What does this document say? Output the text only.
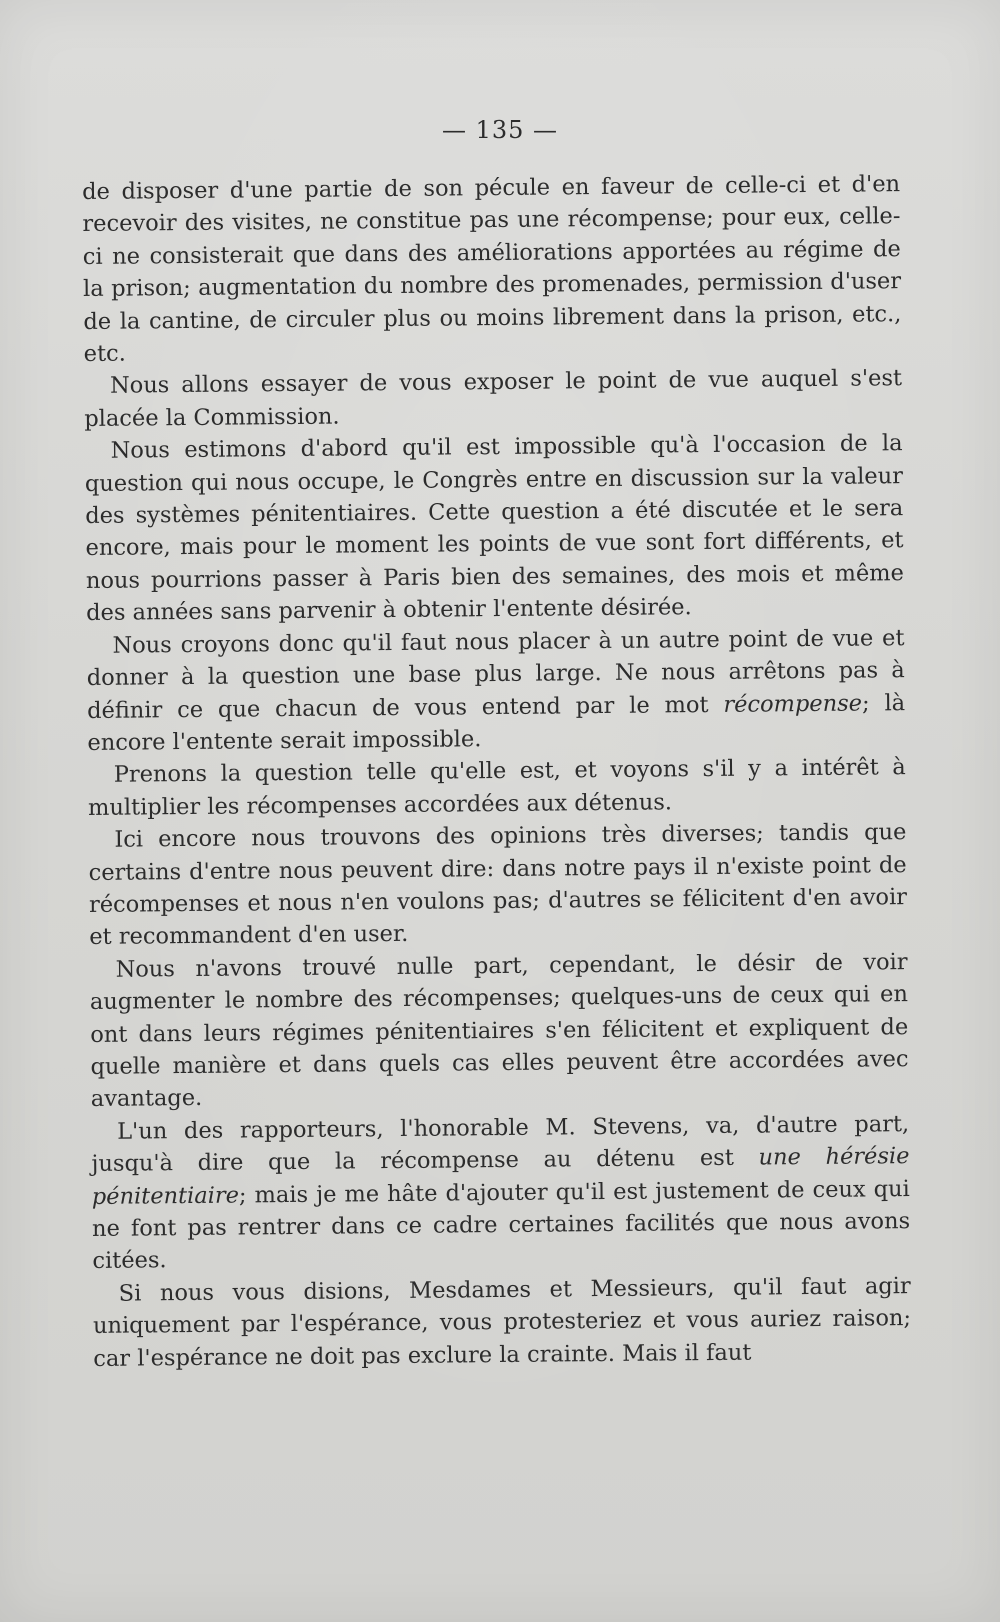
— 135 —

de disposer d'une partie de son pécule en faveur de celle-ci et d'en recevoir des visites, ne constitue pas une récompense; pour eux, celle-ci ne consisterait que dans des améliorations apportées au régime de la prison; augmentation du nombre des promenades, permission d'user de la cantine, de circuler plus ou moins librement dans la prison, etc., etc.

Nous allons essayer de vous exposer le point de vue auquel s'est placée la Commission.

Nous estimons d'abord qu'il est impossible qu'à l'occasion de la question qui nous occupe, le Congrès entre en discussion sur la valeur des systèmes pénitentiaires. Cette question a été discutée et le sera encore, mais pour le moment les points de vue sont fort différents, et nous pourrions passer à Paris bien des semaines, des mois et même des années sans parvenir à obtenir l'entente désirée.

Nous croyons donc qu'il faut nous placer à un autre point de vue et donner à la question une base plus large. Ne nous arrêtons pas à définir ce que chacun de vous entend par le mot récompense; là encore l'entente serait impossible.

Prenons la question telle qu'elle est, et voyons s'il y a intérêt à multiplier les récompenses accordées aux détenus.

Ici encore nous trouvons des opinions très diverses; tandis que certains d'entre nous peuvent dire: dans notre pays il n'existe point de récompenses et nous n'en voulons pas; d'autres se félicitent d'en avoir et recommandent d'en user.

Nous n'avons trouvé nulle part, cependant, le désir de voir augmenter le nombre des récompenses; quelques-uns de ceux qui en ont dans leurs régimes pénitentiaires s'en félicitent et expliquent de quelle manière et dans quels cas elles peuvent être accordées avec avantage.

L'un des rapporteurs, l'honorable M. Stevens, va, d'autre part, jusqu'à dire que la récompense au détenu est une hérésie pénitentiaire; mais je me hâte d'ajouter qu'il est justement de ceux qui ne font pas rentrer dans ce cadre certaines facilités que nous avons citées.

Si nous vous disions, Mesdames et Messieurs, qu'il faut agir uniquement par l'espérance, vous protesteriez et vous auriez raison; car l'espérance ne doit pas exclure la crainte. Mais il faut
